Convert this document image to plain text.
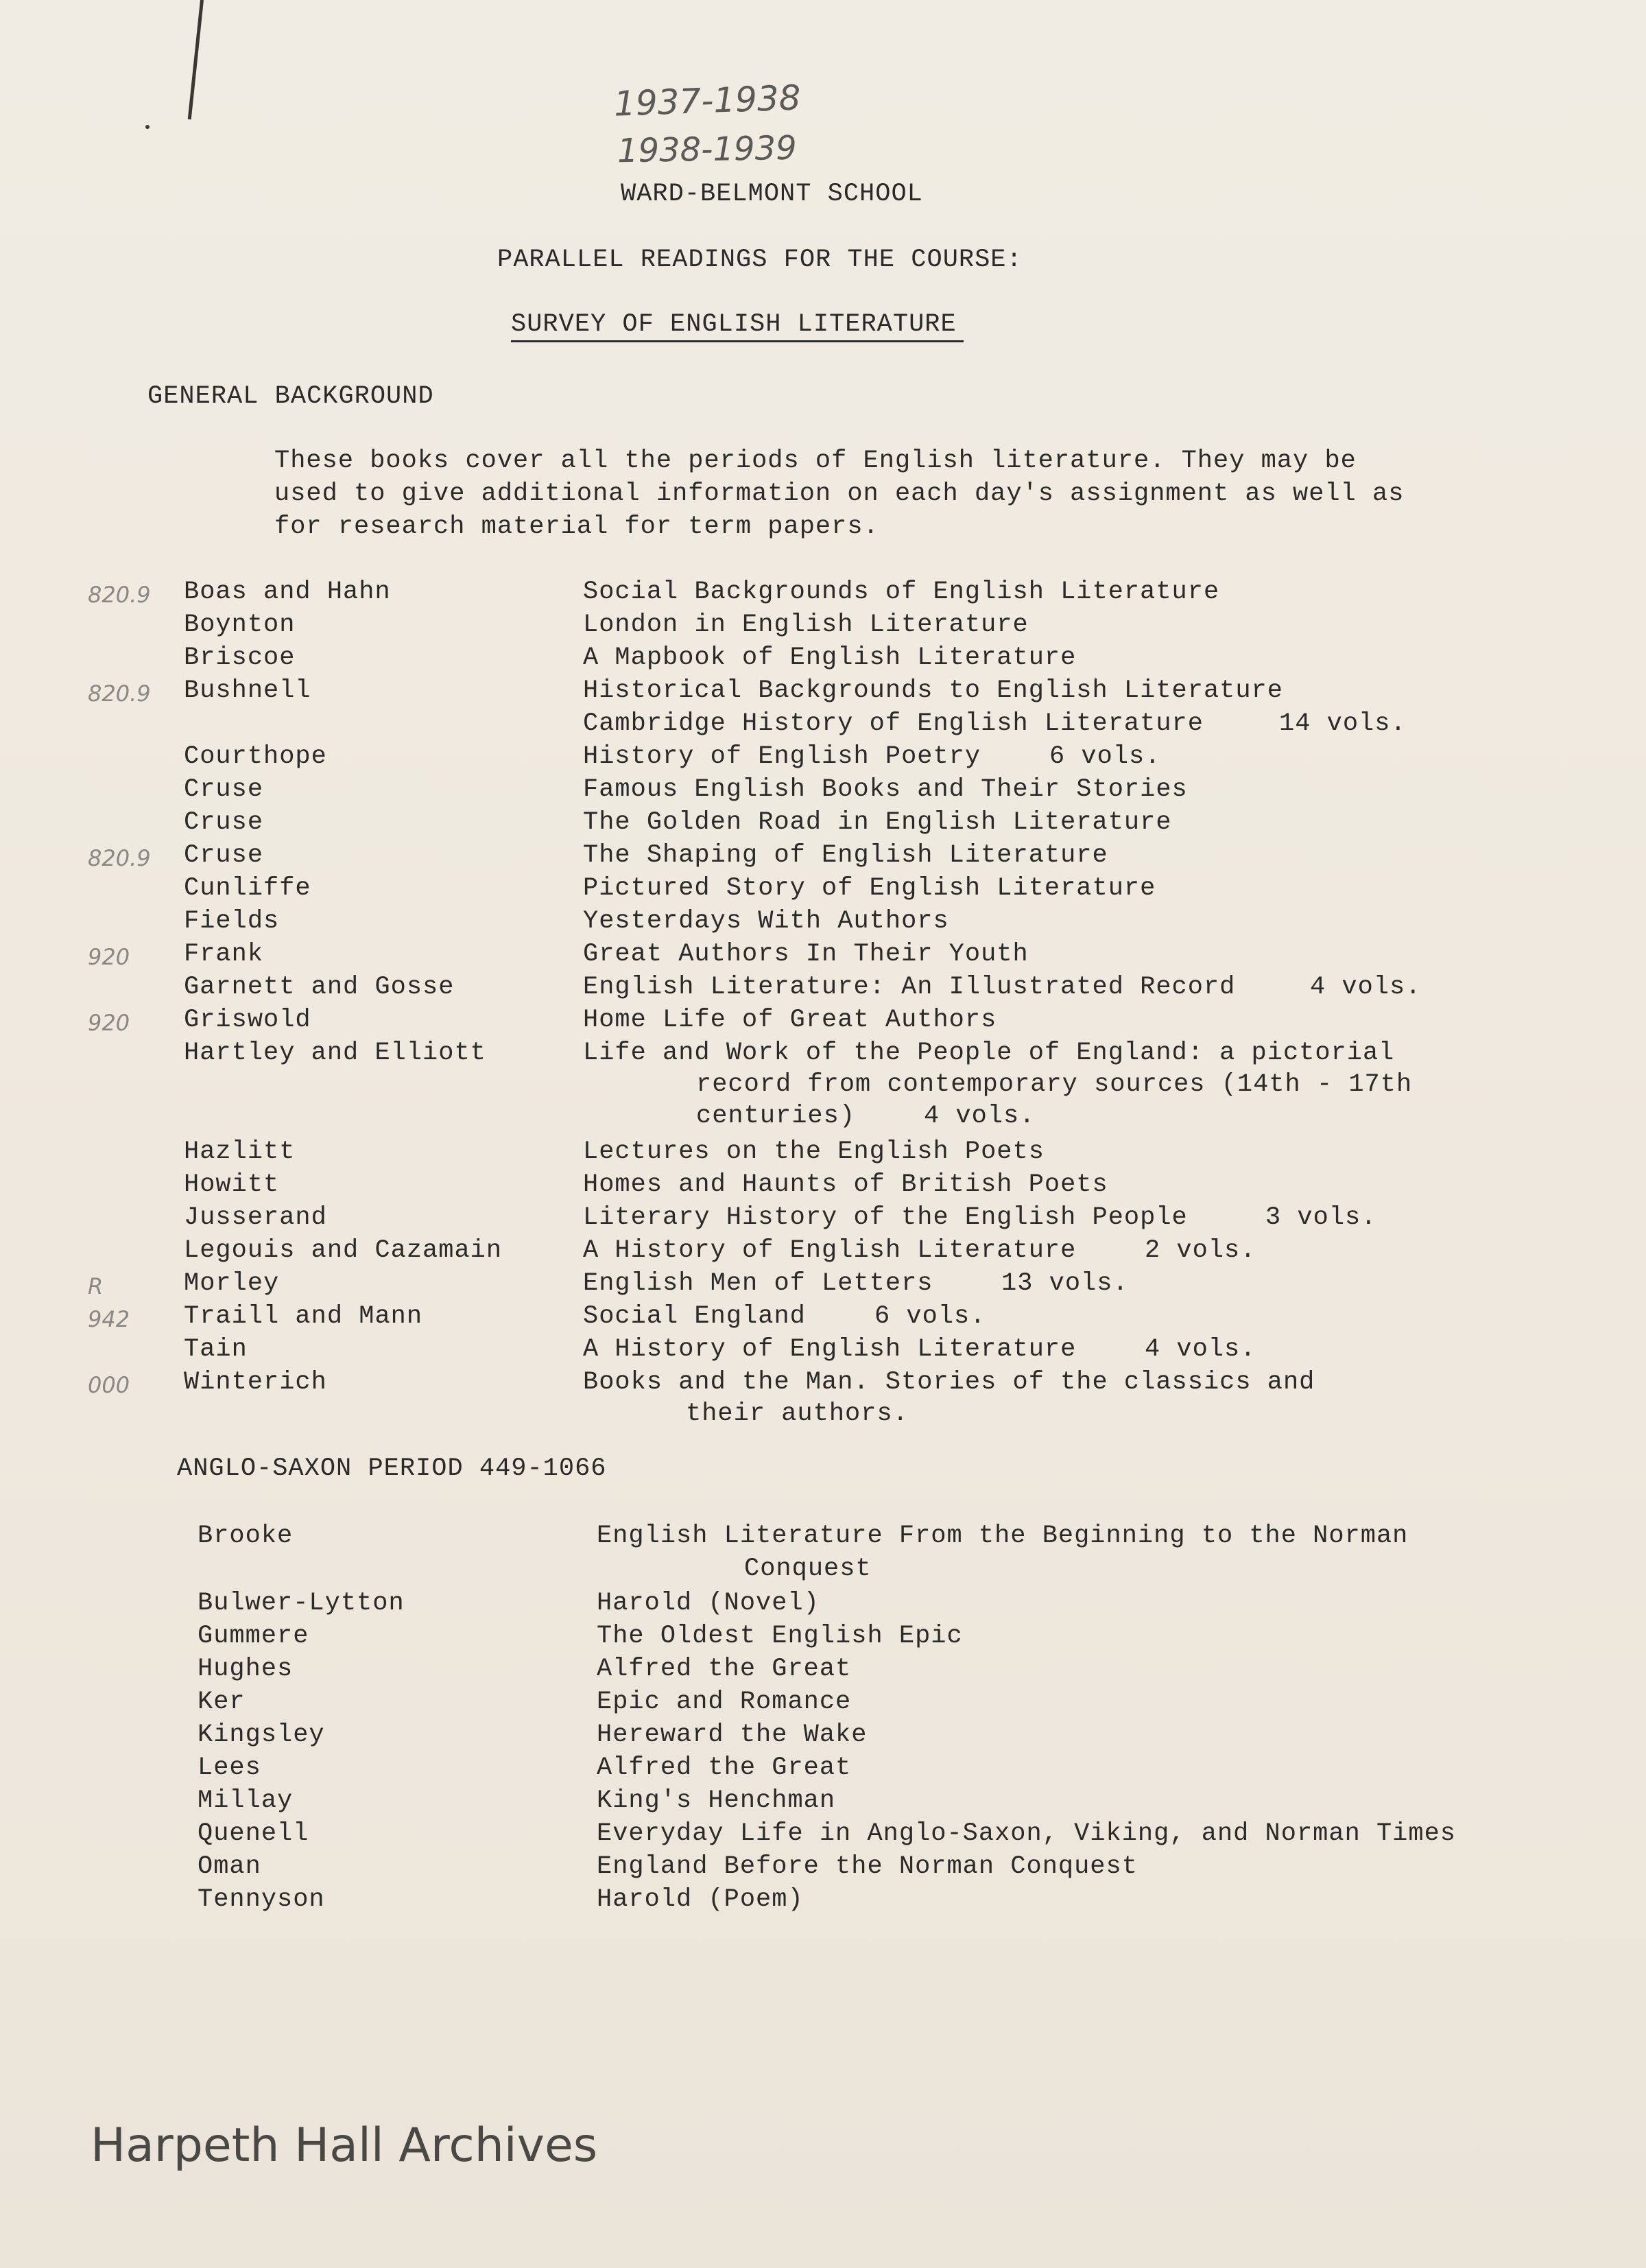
1937-1938
1938-1939
WARD-BELMONT SCHOOL
PARALLEL READINGS FOR THE COURSE:
SURVEY OF ENGLISH LITERATURE
GENERAL BACKGROUND
These books cover all the periods of English literature. They may be
used to give additional information on each day's assignment as well as
for research material for term papers.
820.9 Boas and Hahn	Social Backgrounds of English Literature
Boynton	London in English Literature
Briscoe	A Mapbook of English Literature
820.9 Bushnell	Historical Backgrounds to English Literature
Cambridge History of English Literature	14 vols.
Courthope	History of English Poetry	6 vols.
Cruse	Famous English Books and Their Stories
Cruse	The Golden Road in English Literature
820.9 Cruse	The Shaping of English Literature
Cunliffe	Pictured Story of English Literature
Fields	Yesterdays With Authors
920 Frank	Great Authors In Their Youth
Garnett and Gosse	English Literature: An Illustrated Record	4 vols.
920 Griswold	Home Life of Great Authors
Hartley and Elliott	Life and Work of the People of England: a pictorial
record from contemporary sources (14th - 17th
centuries)	4 vols.
Hazlitt	Lectures on the English Poets
Howitt	Homes and Haunts of British Poets
Jusserand	Literary History of the English People	3 vols.
Legouis and Cazamain	A History of English Literature	2 vols.
R	Morley	English Men of Letters	13 vols.
942 Traill and Mann	Social England	6 vols.
Tain	A History of English Literature	4 vols.
000 Winterich	Books and the Man. Stories of the classics and
their authors.
ANGLO-SAXON PERIOD 449-1066
Brooke	English Literature From the Beginning to the Norman
Conquest
Bulwer-Lytton	Harold (Novel)
Gummere	The Oldest English Epic
Hughes	Alfred the Great
Ker	Epic and Romance
Kingsley	Hereward the Wake
Lees	Alfred the Great
Millay	King's Henchman
Quenell	Everyday Life in Anglo-Saxon, Viking, and Norman Times
Oman	England Before the Norman Conquest
Tennyson	Harold (Poem)
Harpeth Hall Archives
